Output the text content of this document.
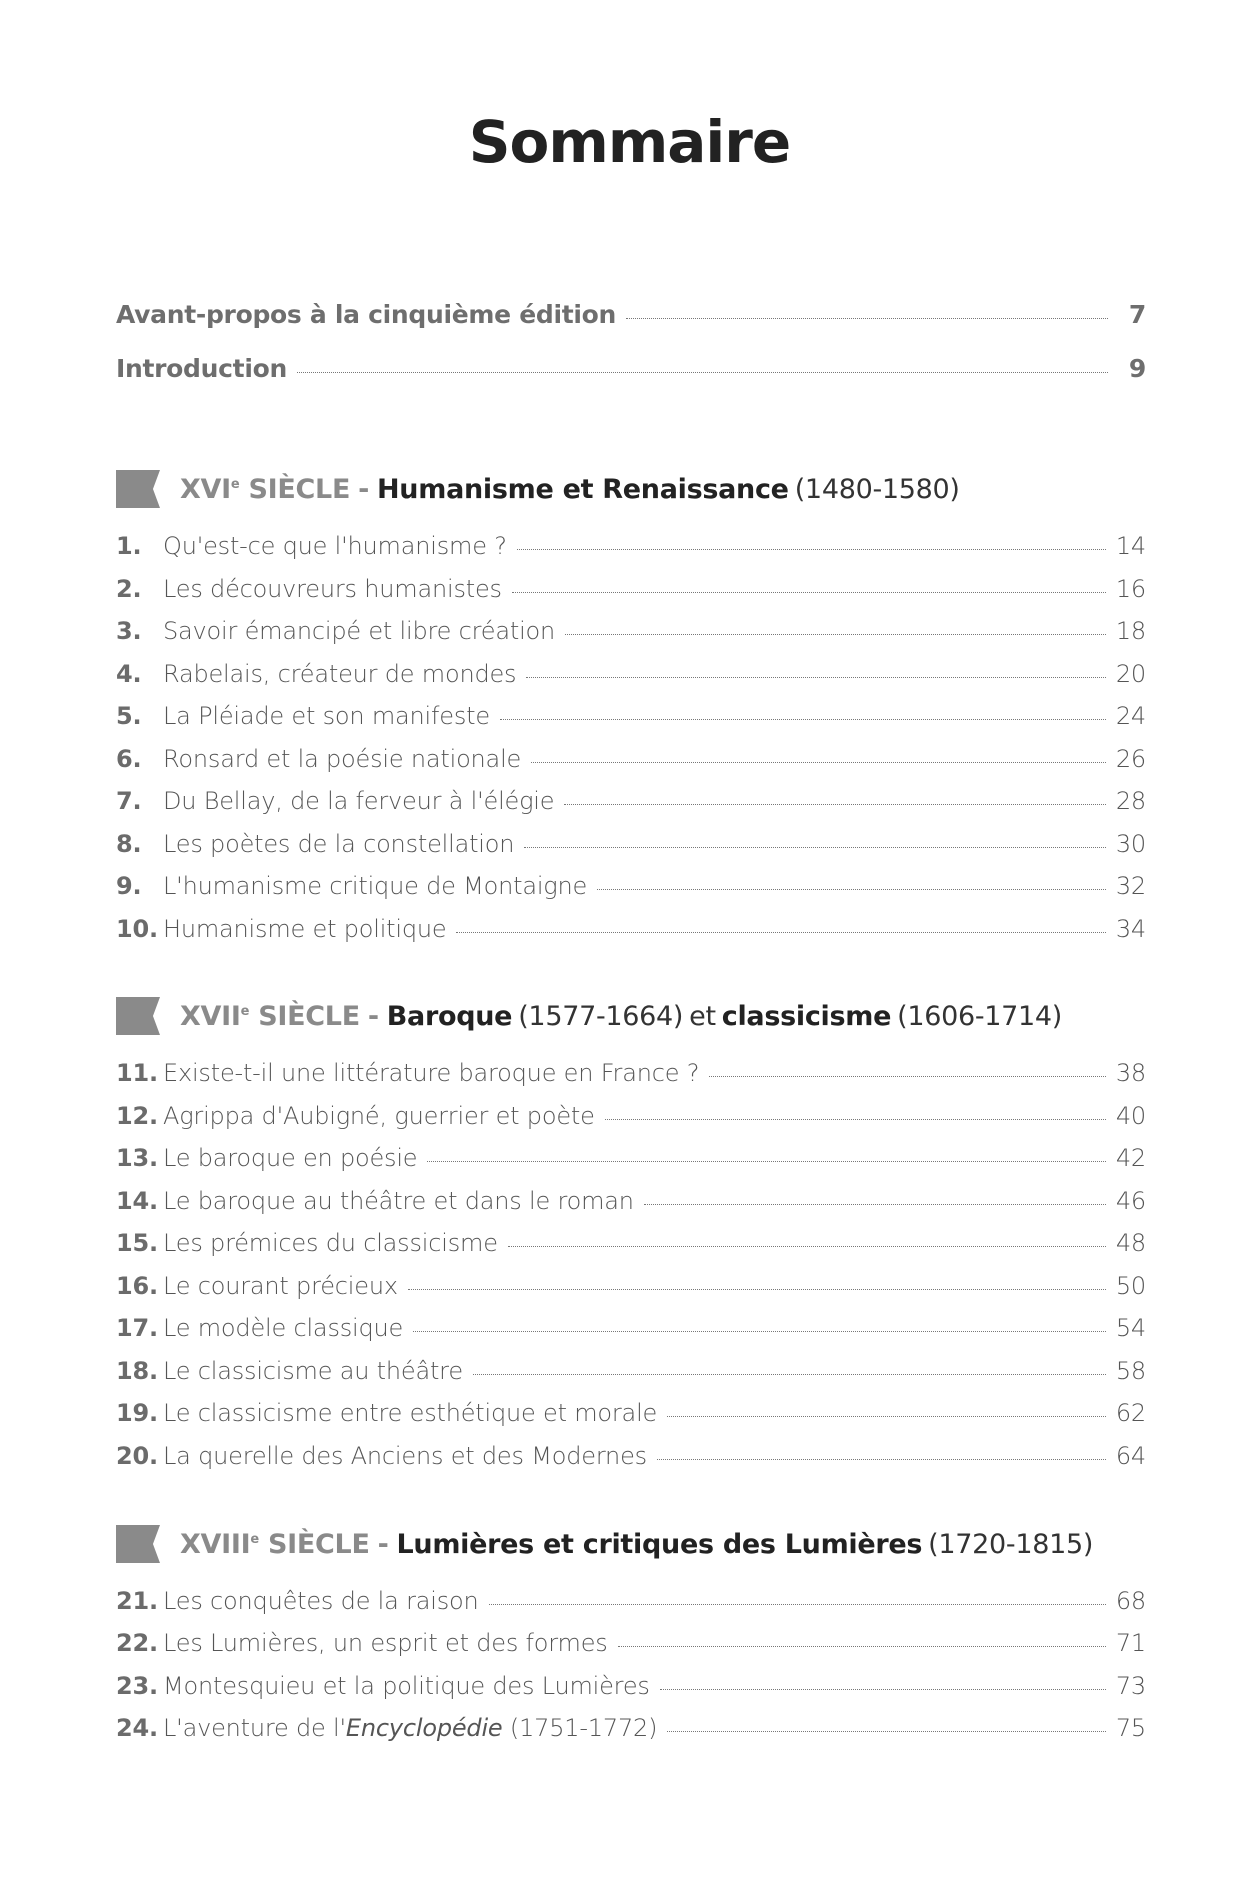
Sommaire
Avant-propos à la cinquième édition	7
Introduction	9
XVIe SIÈCLE - Humanisme et Renaissance (1480-1580)
1. Qu'est-ce que l'humanisme ?	14
2. Les découvreurs humanistes	16
3. Savoir émancipé et libre création	18
4. Rabelais, créateur de mondes	20
5. La Pléiade et son manifeste	24
6. Ronsard et la poésie nationale	26
7. Du Bellay, de la ferveur à l'élégie	28
8. Les poètes de la constellation	30
9. L'humanisme critique de Montaigne	32
10. Humanisme et politique	34
XVIIe SIÈCLE - Baroque (1577-1664) et classicisme (1606-1714)
11. Existe-t-il une littérature baroque en France ?	38
12. Agrippa d'Aubigné, guerrier et poète	40
13. Le baroque en poésie	42
14. Le baroque au théâtre et dans le roman	46
15. Les prémices du classicisme	48
16. Le courant précieux	50
17. Le modèle classique	54
18. Le classicisme au théâtre	58
19. Le classicisme entre esthétique et morale	62
20. La querelle des Anciens et des Modernes	64
XVIIIe SIÈCLE - Lumières et critiques des Lumières (1720-1815)
21. Les conquêtes de la raison	68
22. Les Lumières, un esprit et des formes	71
23. Montesquieu et la politique des Lumières	73
24. L'aventure de l'Encyclopédie (1751-1772)	75
